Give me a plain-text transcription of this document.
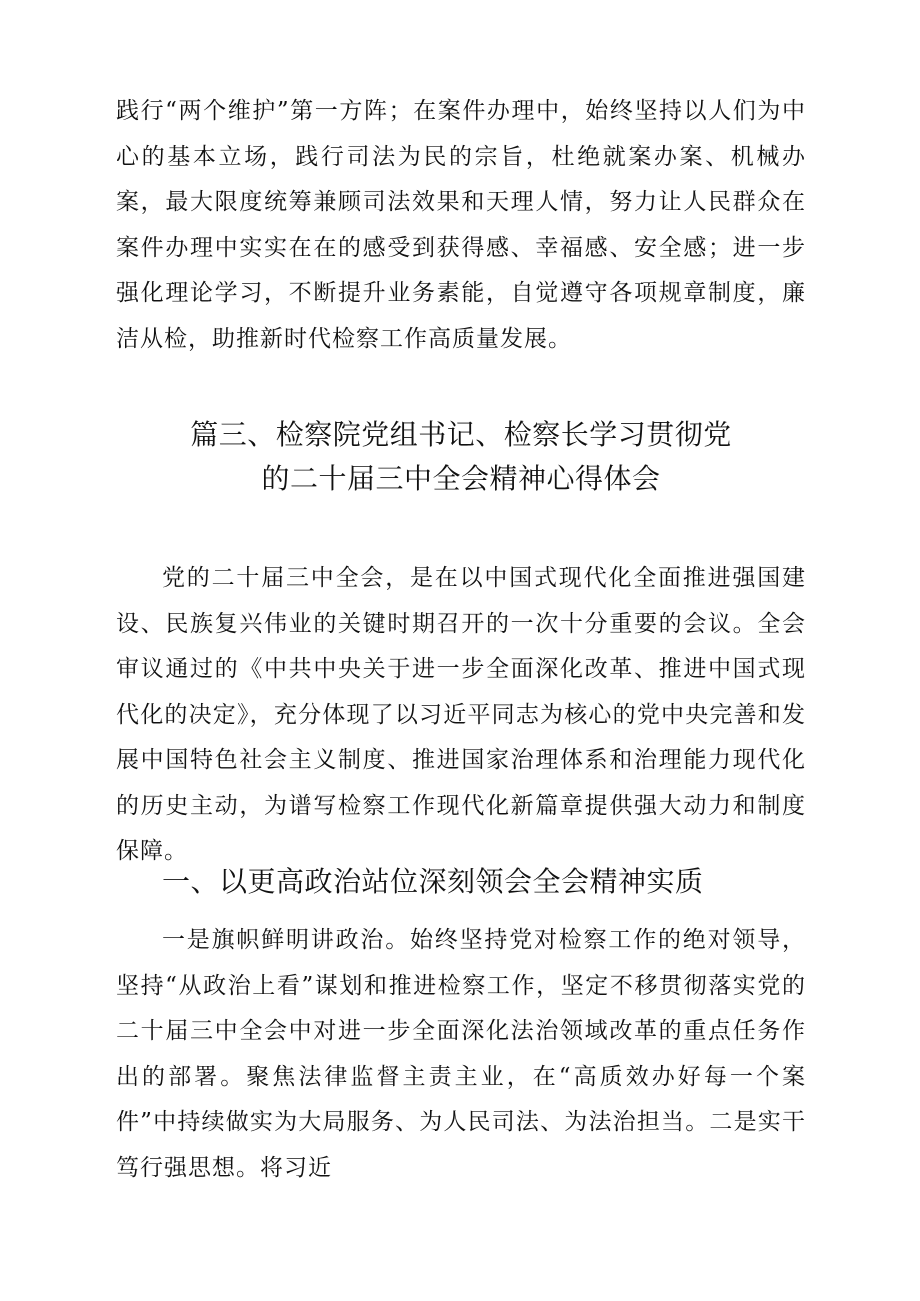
践行“两个维护”第一方阵；在案件办理中，始终坚持以人们为中心的基本立场，践行司法为民的宗旨，杜绝就案办案、机械办案，最大限度统筹兼顾司法效果和天理人情，努力让人民群众在案件办理中实实在在的感受到获得感、幸福感、安全感；进一步强化理论学习，不断提升业务素能，自觉遵守各项规章制度，廉洁从检，助推新时代检察工作高质量发展。

篇三、检察院党组书记、检察长学习贯彻党
的二十届三中全会精神心得体会

党的二十届三中全会，是在以中国式现代化全面推进强国建设、民族复兴伟业的关键时期召开的一次十分重要的会议。全会审议通过的《中共中央关于进一步全面深化改革、推进中国式现代化的决定》，充分体现了以习近平同志为核心的党中央完善和发展中国特色社会主义制度、推进国家治理体系和治理能力现代化的历史主动，为谱写检察工作现代化新篇章提供强大动力和制度保障。

一、以更高政治站位深刻领会全会精神实质

一是旗帜鲜明讲政治。始终坚持党对检察工作的绝对领导，坚持“从政治上看”谋划和推进检察工作，坚定不移贯彻落实党的二十届三中全会中对进一步全面深化法治领域改革的重点任务作出的部署。聚焦法律监督主责主业，在“高质效办好每一个案件”中持续做实为大局服务、为人民司法、为法治担当。二是实干笃行强思想。将习近
